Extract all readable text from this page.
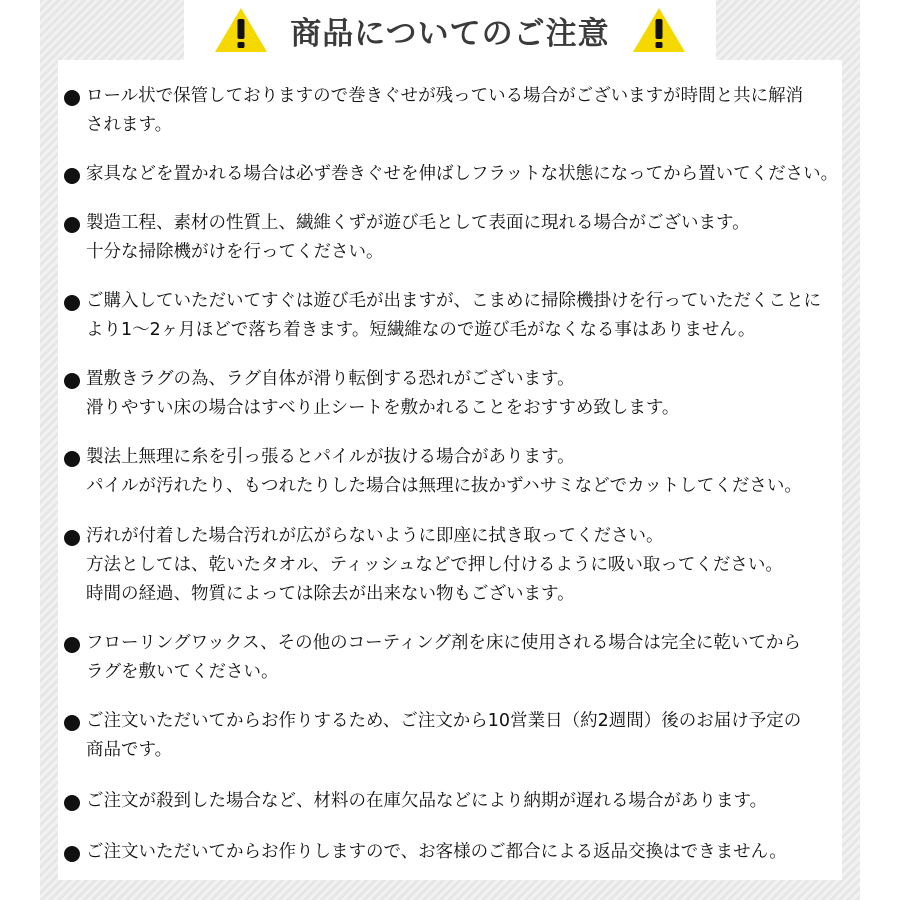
商品についてのご注意
ロール状で保管しておりますので巻きぐせが残っている場合がございますが時間と共に解消
されます。
家具などを置かれる場合は必ず巻きぐせを伸ばしフラットな状態になってから置いてください。
製造工程、素材の性質上、繊維くずが遊び毛として表面に現れる場合がございます。
十分な掃除機がけを行ってください。
ご購入していただいてすぐは遊び毛が出ますが、こまめに掃除機掛けを行っていただくことに
より1〜2ヶ月ほどで落ち着きます。短繊維なので遊び毛がなくなる事はありません。
置敷きラグの為、ラグ自体が滑り転倒する恐れがございます。
滑りやすい床の場合はすべり止シートを敷かれることをおすすめ致します。
製法上無理に糸を引っ張るとパイルが抜ける場合があります。
パイルが汚れたり、もつれたりした場合は無理に抜かずハサミなどでカットしてください。
汚れが付着した場合汚れが広がらないように即座に拭き取ってください。
方法としては、乾いたタオル、ティッシュなどで押し付けるように吸い取ってください。
時間の経過、物質によっては除去が出来ない物もございます。
フローリングワックス、その他のコーティング剤を床に使用される場合は完全に乾いてから
ラグを敷いてください。
ご注文いただいてからお作りするため、ご注文から10営業日（約2週間）後のお届け予定の
商品です。
ご注文が殺到した場合など、材料の在庫欠品などにより納期が遅れる場合があります。
ご注文いただいてからお作りしますので、お客様のご都合による返品交換はできません。
